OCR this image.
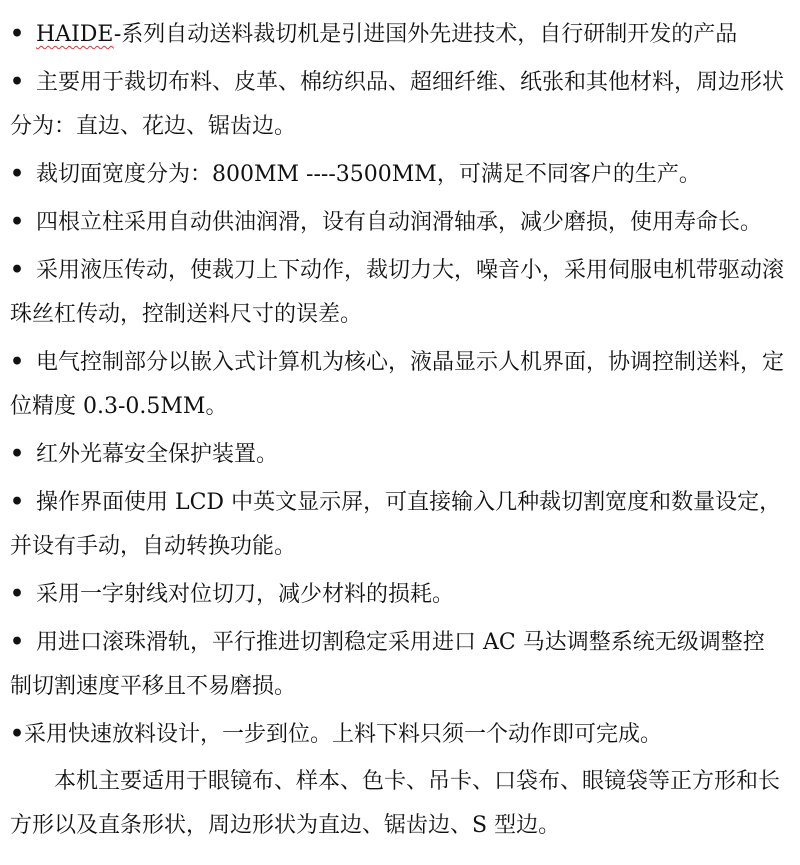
• HAIDE-系列自动送料裁切机是引进国外先进技术，自行研制开发的产品
• 主要用于裁切布料、皮革、棉纺织品、超细纤维、纸张和其他材料，周边形状分为：直边、花边、锯齿边。
• 裁切面宽度分为：800MM ----3500MM，可满足不同客户的生产。
• 四根立柱采用自动供油润滑，设有自动润滑轴承，减少磨损，使用寿命长。
• 采用液压传动，使裁刀上下动作，裁切力大，噪音小，采用伺服电机带驱动滚珠丝杠传动，控制送料尺寸的误差。
• 电气控制部分以嵌入式计算机为核心，液晶显示人机界面，协调控制送料，定位精度 0.3-0.5MM。
• 红外光幕安全保护装置。
• 操作界面使用 LCD 中英文显示屏，可直接输入几种裁切割宽度和数量设定，并设有手动，自动转换功能。
• 采用一字射线对位切刀，减少材料的损耗。
• 用进口滚珠滑轨，平行推进切割稳定采用进口 AC 马达调整系统无级调整控制切割速度平移且不易磨损。
•采用快速放料设计，一步到位。上料下料只须一个动作即可完成。

本机主要适用于眼镜布、样本、色卡、吊卡、口袋布、眼镜袋等正方形和长方形以及直条形状，周边形状为直边、锯齿边、S 型边。
